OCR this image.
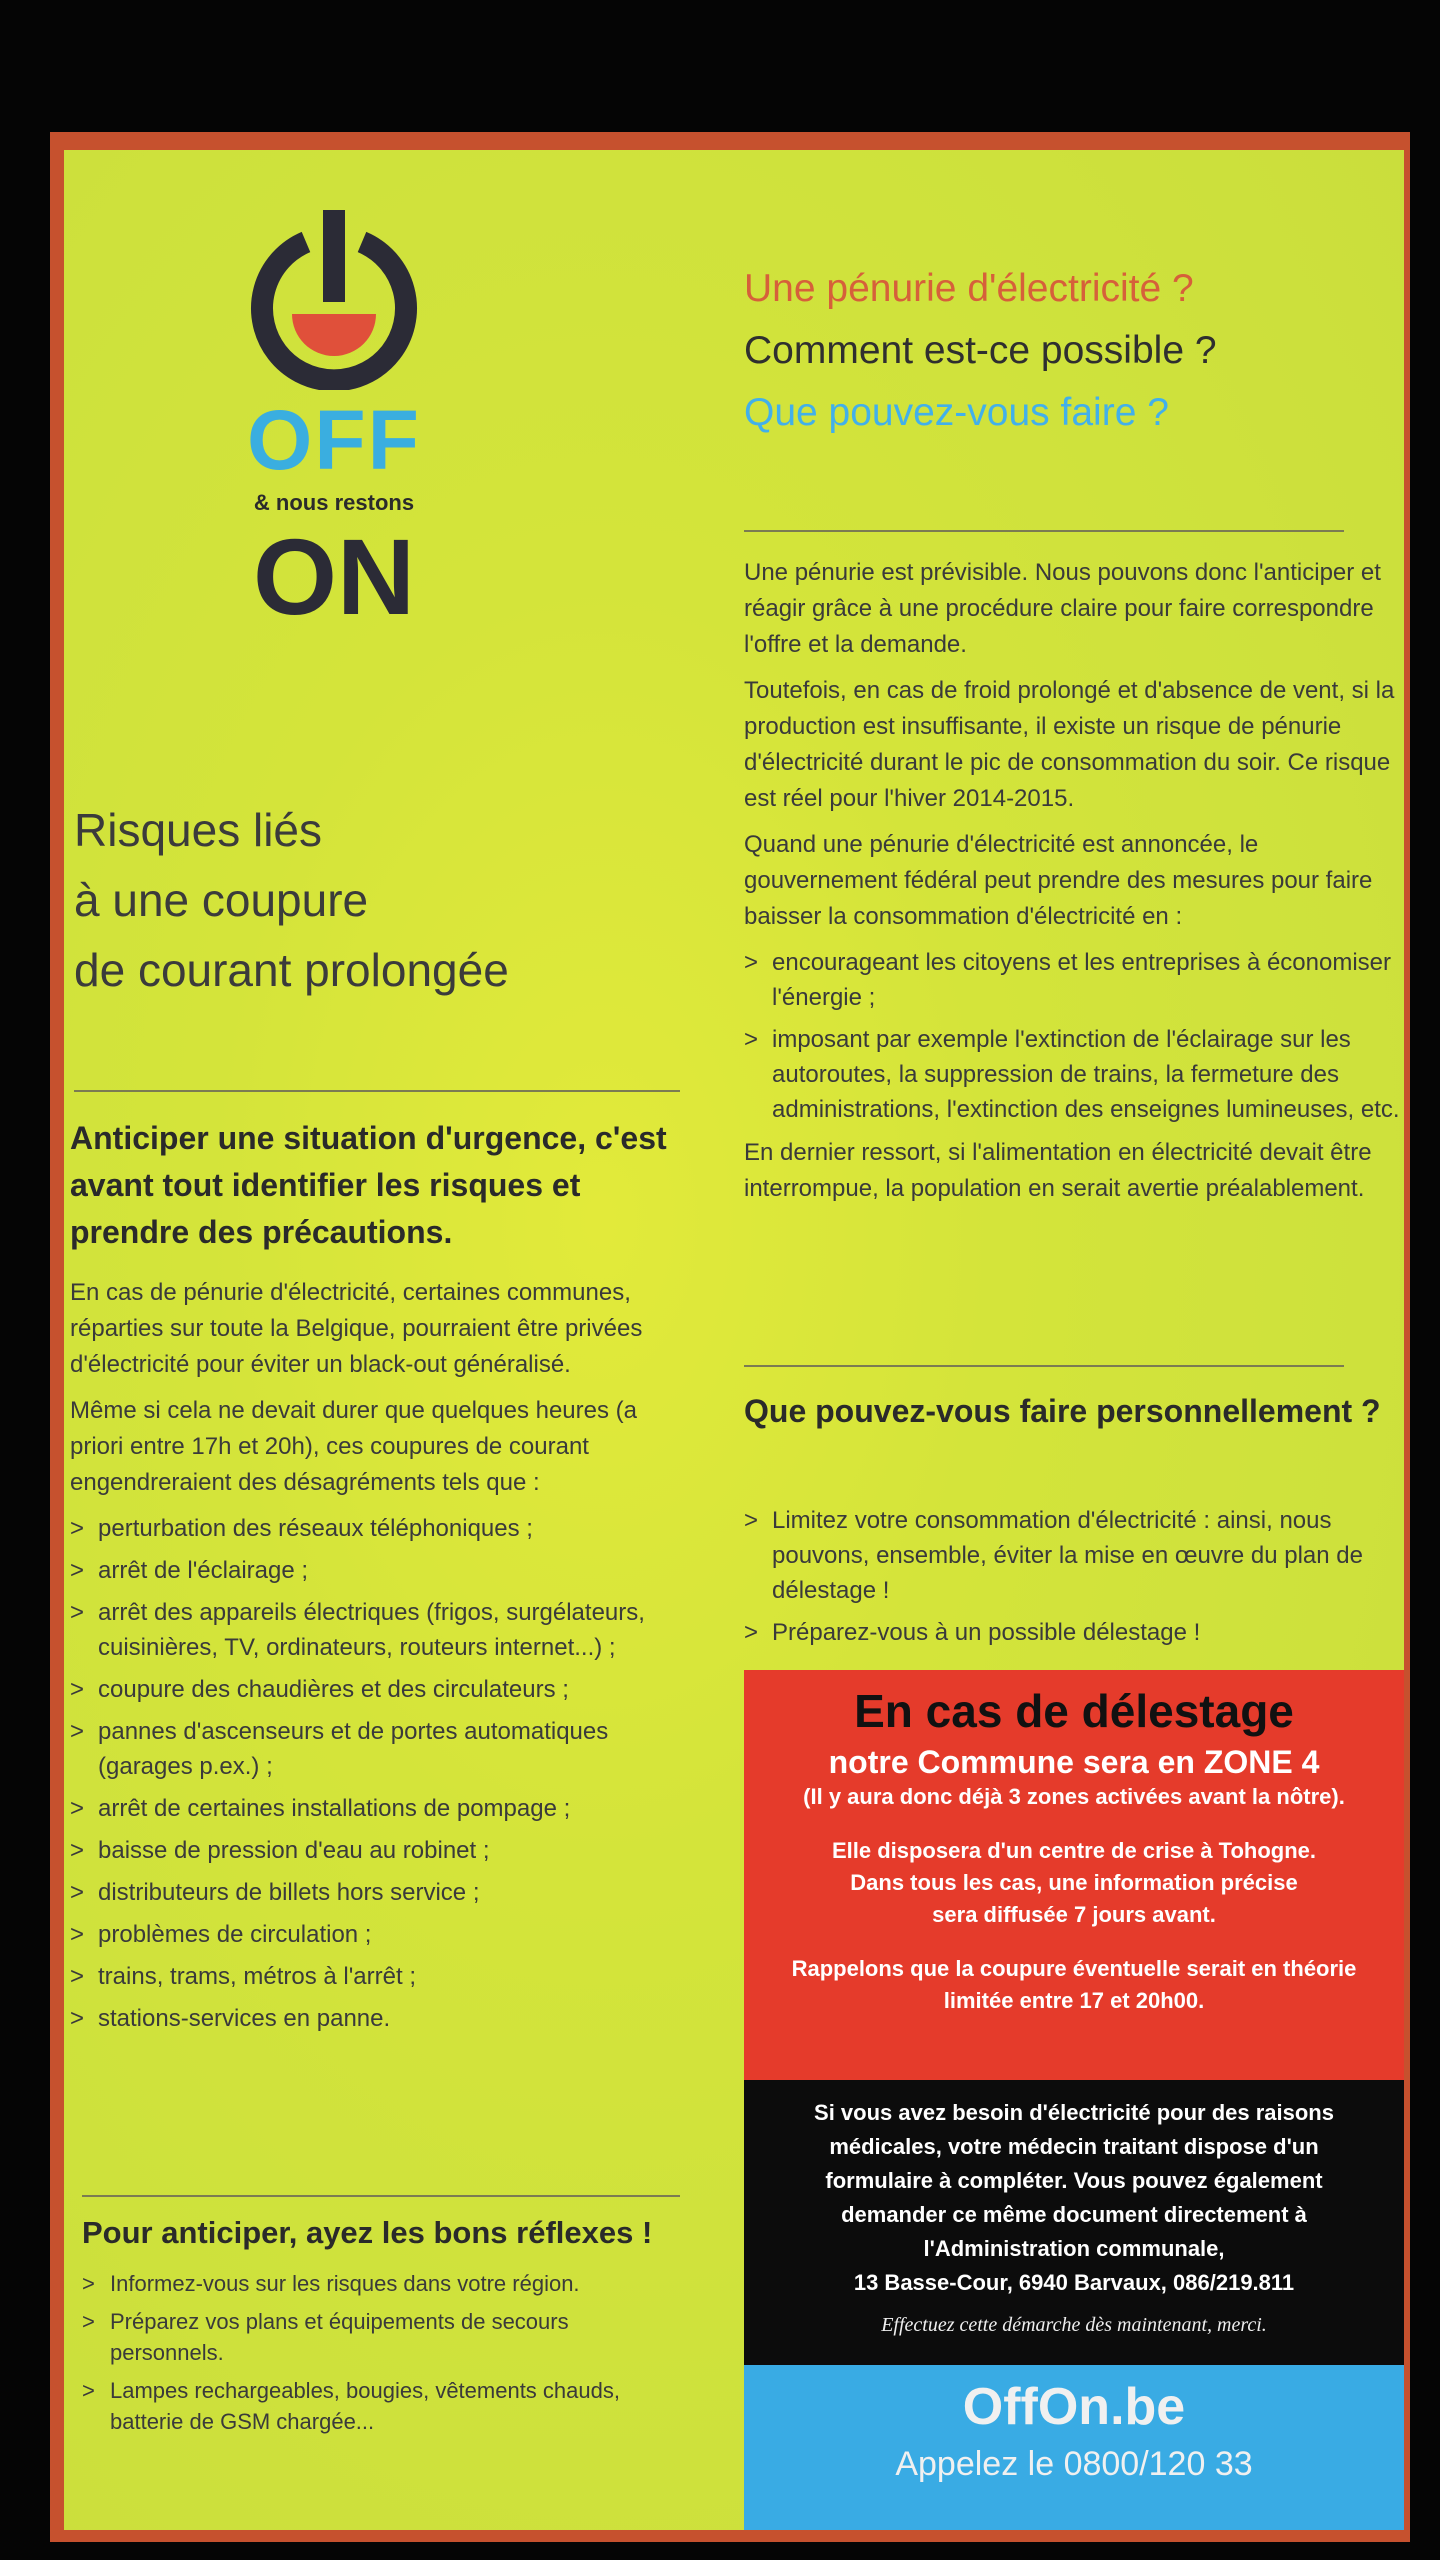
OFF
& nous restons
ON
Risques liés
à une coupure
de courant prolongée
Anticiper une situation d'urgence, c'est avant tout identifier les risques et prendre des précautions.

En cas de pénurie d'électricité, certaines communes, réparties sur toute la Belgique, pourraient être privées d'électricité pour éviter un black-out généralisé.

Même si cela ne devait durer que quelques heures (a priori entre 17h et 20h), ces coupures de courant engendreraient des désagréments tels que :

> perturbation des réseaux téléphoniques ;
> arrêt de l'éclairage ;
> arrêt des appareils électriques (frigos, surgélateurs, cuisinières, TV, ordinateurs, routeurs internet...) ;
> coupure des chaudières et des circulateurs ;
> pannes d'ascenseurs et de portes automatiques (garages p.ex.) ;
> arrêt de certaines installations de pompage ;
> baisse de pression d'eau au robinet ;
> distributeurs de billets hors service ;
> problèmes de circulation ;
> trains, trams, métros à l'arrêt ;
> stations-services en panne.
Pour anticiper, ayez les bons réflexes !
> Informez-vous sur les risques dans votre région.
> Préparez vos plans et équipements de secours personnels.
> Lampes rechargeables, bougies, vêtements chauds, batterie de GSM chargée...
Une pénurie d'électricité ?
Comment est-ce possible ?
Que pouvez-vous faire ?

Une pénurie est prévisible. Nous pouvons donc l'anticiper et réagir grâce à une procédure claire pour faire correspondre l'offre et la demande.

Toutefois, en cas de froid prolongé et d'absence de vent, si la production est insuffisante, il existe un risque de pénurie d'électricité durant le pic de consommation du soir. Ce risque est réel pour l'hiver 2014-2015.

Quand une pénurie d'électricité est annoncée, le gouvernement fédéral peut prendre des mesures pour faire baisser la consommation d'électricité en :

> encourageant les citoyens et les entreprises à économiser l'énergie ;
> imposant par exemple l'extinction de l'éclairage sur les autoroutes, la suppression de trains, la fermeture des administrations, l'extinction des enseignes lumineuses, etc.

En dernier ressort, si l'alimentation en électricité devait être interrompue, la population en serait avertie préalablement.

Que pouvez-vous faire personnellement ?
> Limitez votre consommation d'électricité : ainsi, nous pouvons, ensemble, éviter la mise en œuvre du plan de délestage !
> Préparez-vous à un possible délestage !
En cas de délestage
notre Commune sera en ZONE 4
(Il y aura donc déjà 3 zones activées avant la nôtre).
Elle disposera d'un centre de crise à Tohogne.
Dans tous les cas, une information précise
sera diffusée 7 jours avant.
Rappelons que la coupure éventuelle serait en théorie
limitée entre 17 et 20h00.
Si vous avez besoin d'électricité pour des raisons
médicales, votre médecin traitant dispose d'un
formulaire à compléter. Vous pouvez également
demander ce même document directement à
l'Administration communale,
13 Basse-Cour, 6940 Barvaux, 086/219.811
Effectuez cette démarche dès maintenant, merci.
OffOn.be
Appelez le 0800/120 33
